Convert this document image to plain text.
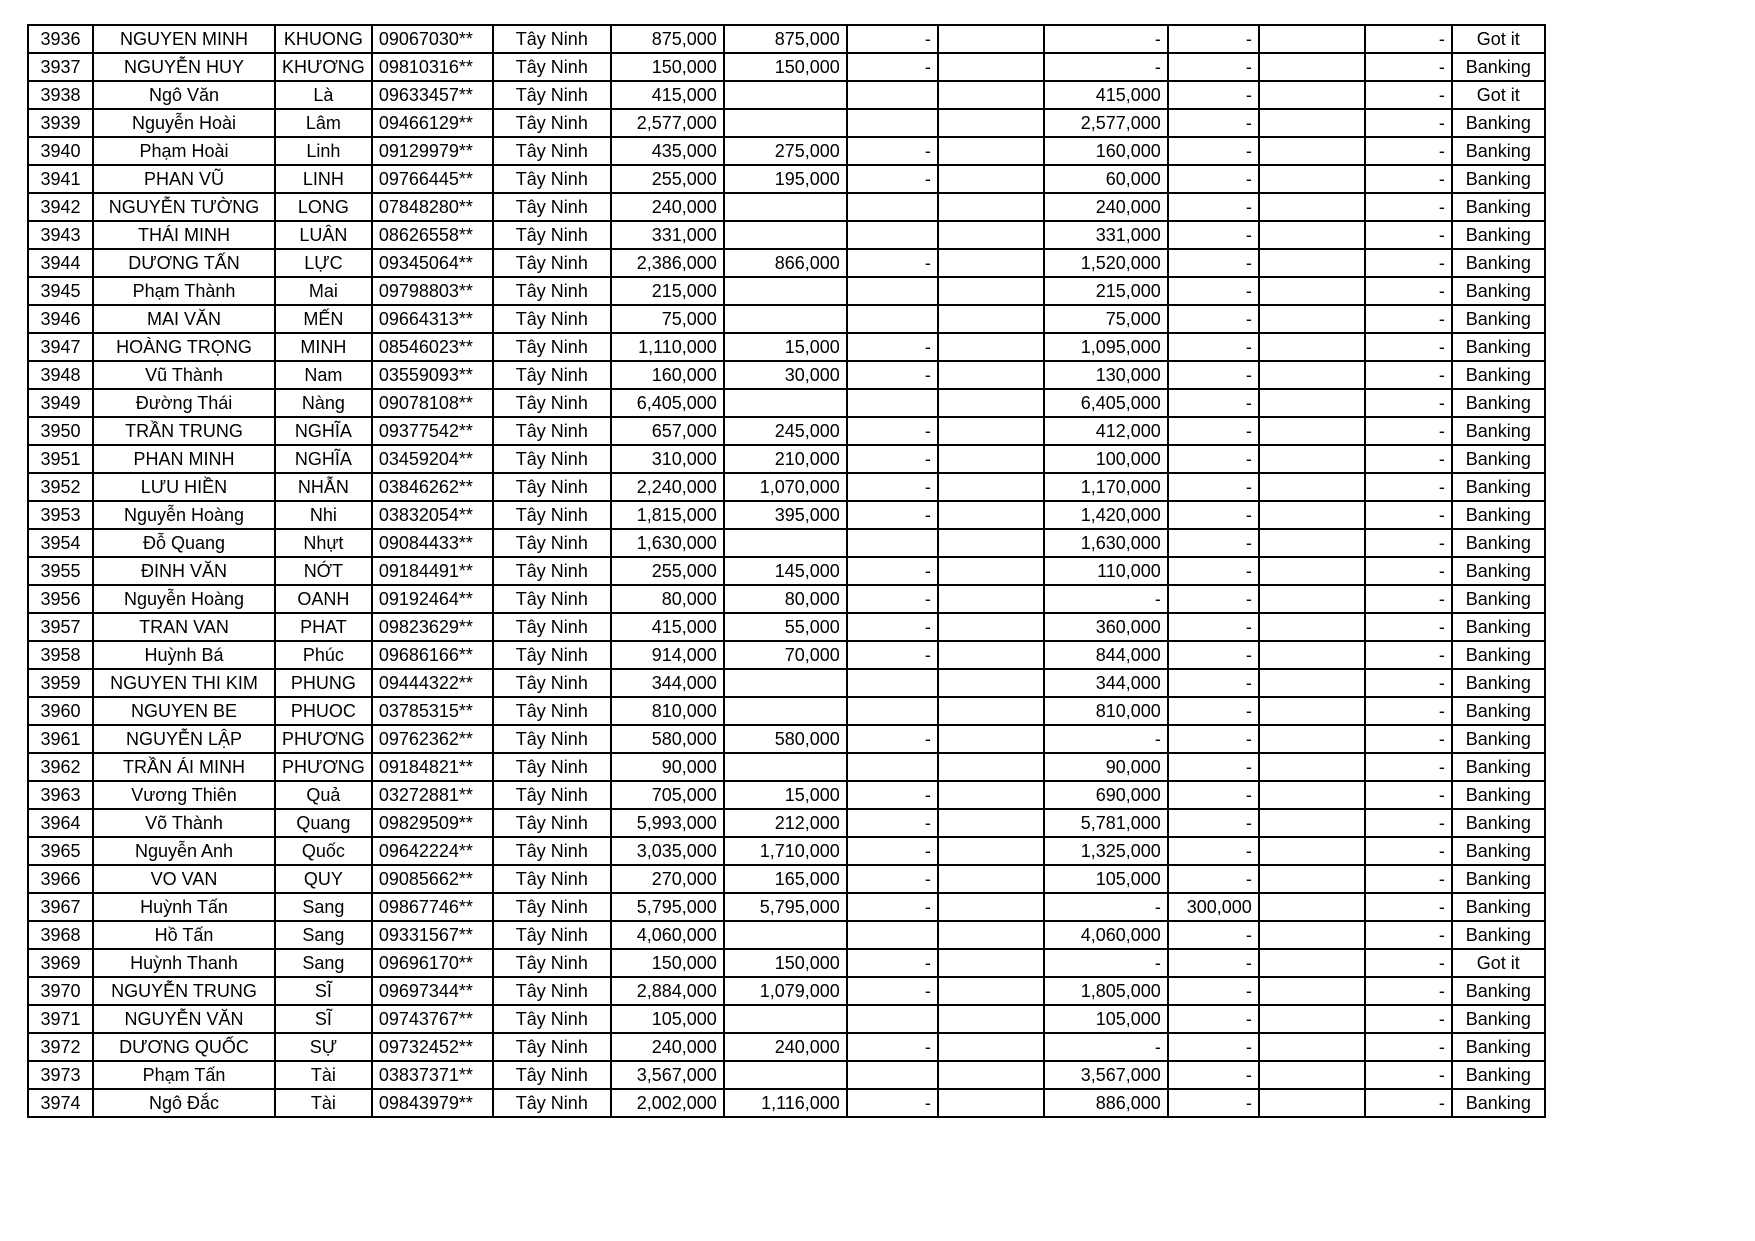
3936	NGUYEN MINH	KHUONG	09067030**	Tây Ninh	875,000	875,000	-		-	-		-	Got it
3937	NGUYỄN HUY	KHƯƠNG	09810316**	Tây Ninh	150,000	150,000	-		-	-		-	Banking
3938	Ngô Văn	Là	09633457**	Tây Ninh	415,000				415,000	-		-	Got it
3939	Nguyễn Hoài	Lâm	09466129**	Tây Ninh	2,577,000				2,577,000	-		-	Banking
3940	Phạm Hoài	Linh	09129979**	Tây Ninh	435,000	275,000	-		160,000	-		-	Banking
3941	PHAN VŨ	LINH	09766445**	Tây Ninh	255,000	195,000	-		60,000	-		-	Banking
3942	NGUYỄN TƯỜNG	LONG	07848280**	Tây Ninh	240,000				240,000	-		-	Banking
3943	THÁI MINH	LUÂN	08626558**	Tây Ninh	331,000				331,000	-		-	Banking
3944	DƯƠNG TẤN	LỰC	09345064**	Tây Ninh	2,386,000	866,000	-		1,520,000	-		-	Banking
3945	Phạm Thành	Mai	09798803**	Tây Ninh	215,000				215,000	-		-	Banking
3946	MAI VĂN	MẾN	09664313**	Tây Ninh	75,000				75,000	-		-	Banking
3947	HOÀNG TRỌNG	MINH	08546023**	Tây Ninh	1,110,000	15,000	-		1,095,000	-		-	Banking
3948	Vũ Thành	Nam	03559093**	Tây Ninh	160,000	30,000	-		130,000	-		-	Banking
3949	Đường Thái	Nàng	09078108**	Tây Ninh	6,405,000				6,405,000	-		-	Banking
3950	TRẦN TRUNG	NGHĨA	09377542**	Tây Ninh	657,000	245,000	-		412,000	-		-	Banking
3951	PHAN MINH	NGHĨA	03459204**	Tây Ninh	310,000	210,000	-		100,000	-		-	Banking
3952	LƯU HIỀN	NHẪN	03846262**	Tây Ninh	2,240,000	1,070,000	-		1,170,000	-		-	Banking
3953	Nguyễn Hoàng	Nhi	03832054**	Tây Ninh	1,815,000	395,000	-		1,420,000	-		-	Banking
3954	Đỗ Quang	Nhựt	09084433**	Tây Ninh	1,630,000				1,630,000	-		-	Banking
3955	ĐINH VĂN	NỚT	09184491**	Tây Ninh	255,000	145,000	-		110,000	-		-	Banking
3956	Nguyễn Hoàng	OANH	09192464**	Tây Ninh	80,000	80,000	-		-	-		-	Banking
3957	TRAN VAN	PHAT	09823629**	Tây Ninh	415,000	55,000	-		360,000	-		-	Banking
3958	Huỳnh Bá	Phúc	09686166**	Tây Ninh	914,000	70,000	-		844,000	-		-	Banking
3959	NGUYEN THI KIM	PHUNG	09444322**	Tây Ninh	344,000				344,000	-		-	Banking
3960	NGUYEN BE	PHUOC	03785315**	Tây Ninh	810,000				810,000	-		-	Banking
3961	NGUYỄN LẬP	PHƯƠNG	09762362**	Tây Ninh	580,000	580,000	-		-	-		-	Banking
3962	TRẦN ÁI MINH	PHƯƠNG	09184821**	Tây Ninh	90,000				90,000	-		-	Banking
3963	Vương Thiên	Quả	03272881**	Tây Ninh	705,000	15,000	-		690,000	-		-	Banking
3964	Võ Thành	Quang	09829509**	Tây Ninh	5,993,000	212,000	-		5,781,000	-		-	Banking
3965	Nguyễn Anh	Quốc	09642224**	Tây Ninh	3,035,000	1,710,000	-		1,325,000	-		-	Banking
3966	VO VAN	QUY	09085662**	Tây Ninh	270,000	165,000	-		105,000	-		-	Banking
3967	Huỳnh Tấn	Sang	09867746**	Tây Ninh	5,795,000	5,795,000	-		-	300,000		-	Banking
3968	Hồ Tấn	Sang	09331567**	Tây Ninh	4,060,000				4,060,000	-		-	Banking
3969	Huỳnh Thanh	Sang	09696170**	Tây Ninh	150,000	150,000	-		-	-		-	Got it
3970	NGUYỄN TRUNG	SĨ	09697344**	Tây Ninh	2,884,000	1,079,000	-		1,805,000	-		-	Banking
3971	NGUYỄN VĂN	SĨ	09743767**	Tây Ninh	105,000				105,000	-		-	Banking
3972	DƯƠNG QUỐC	SỰ	09732452**	Tây Ninh	240,000	240,000	-		-	-		-	Banking
3973	Phạm Tấn	Tài	03837371**	Tây Ninh	3,567,000				3,567,000	-		-	Banking
3974	Ngô Đắc	Tài	09843979**	Tây Ninh	2,002,000	1,116,000	-		886,000	-		-	Banking
